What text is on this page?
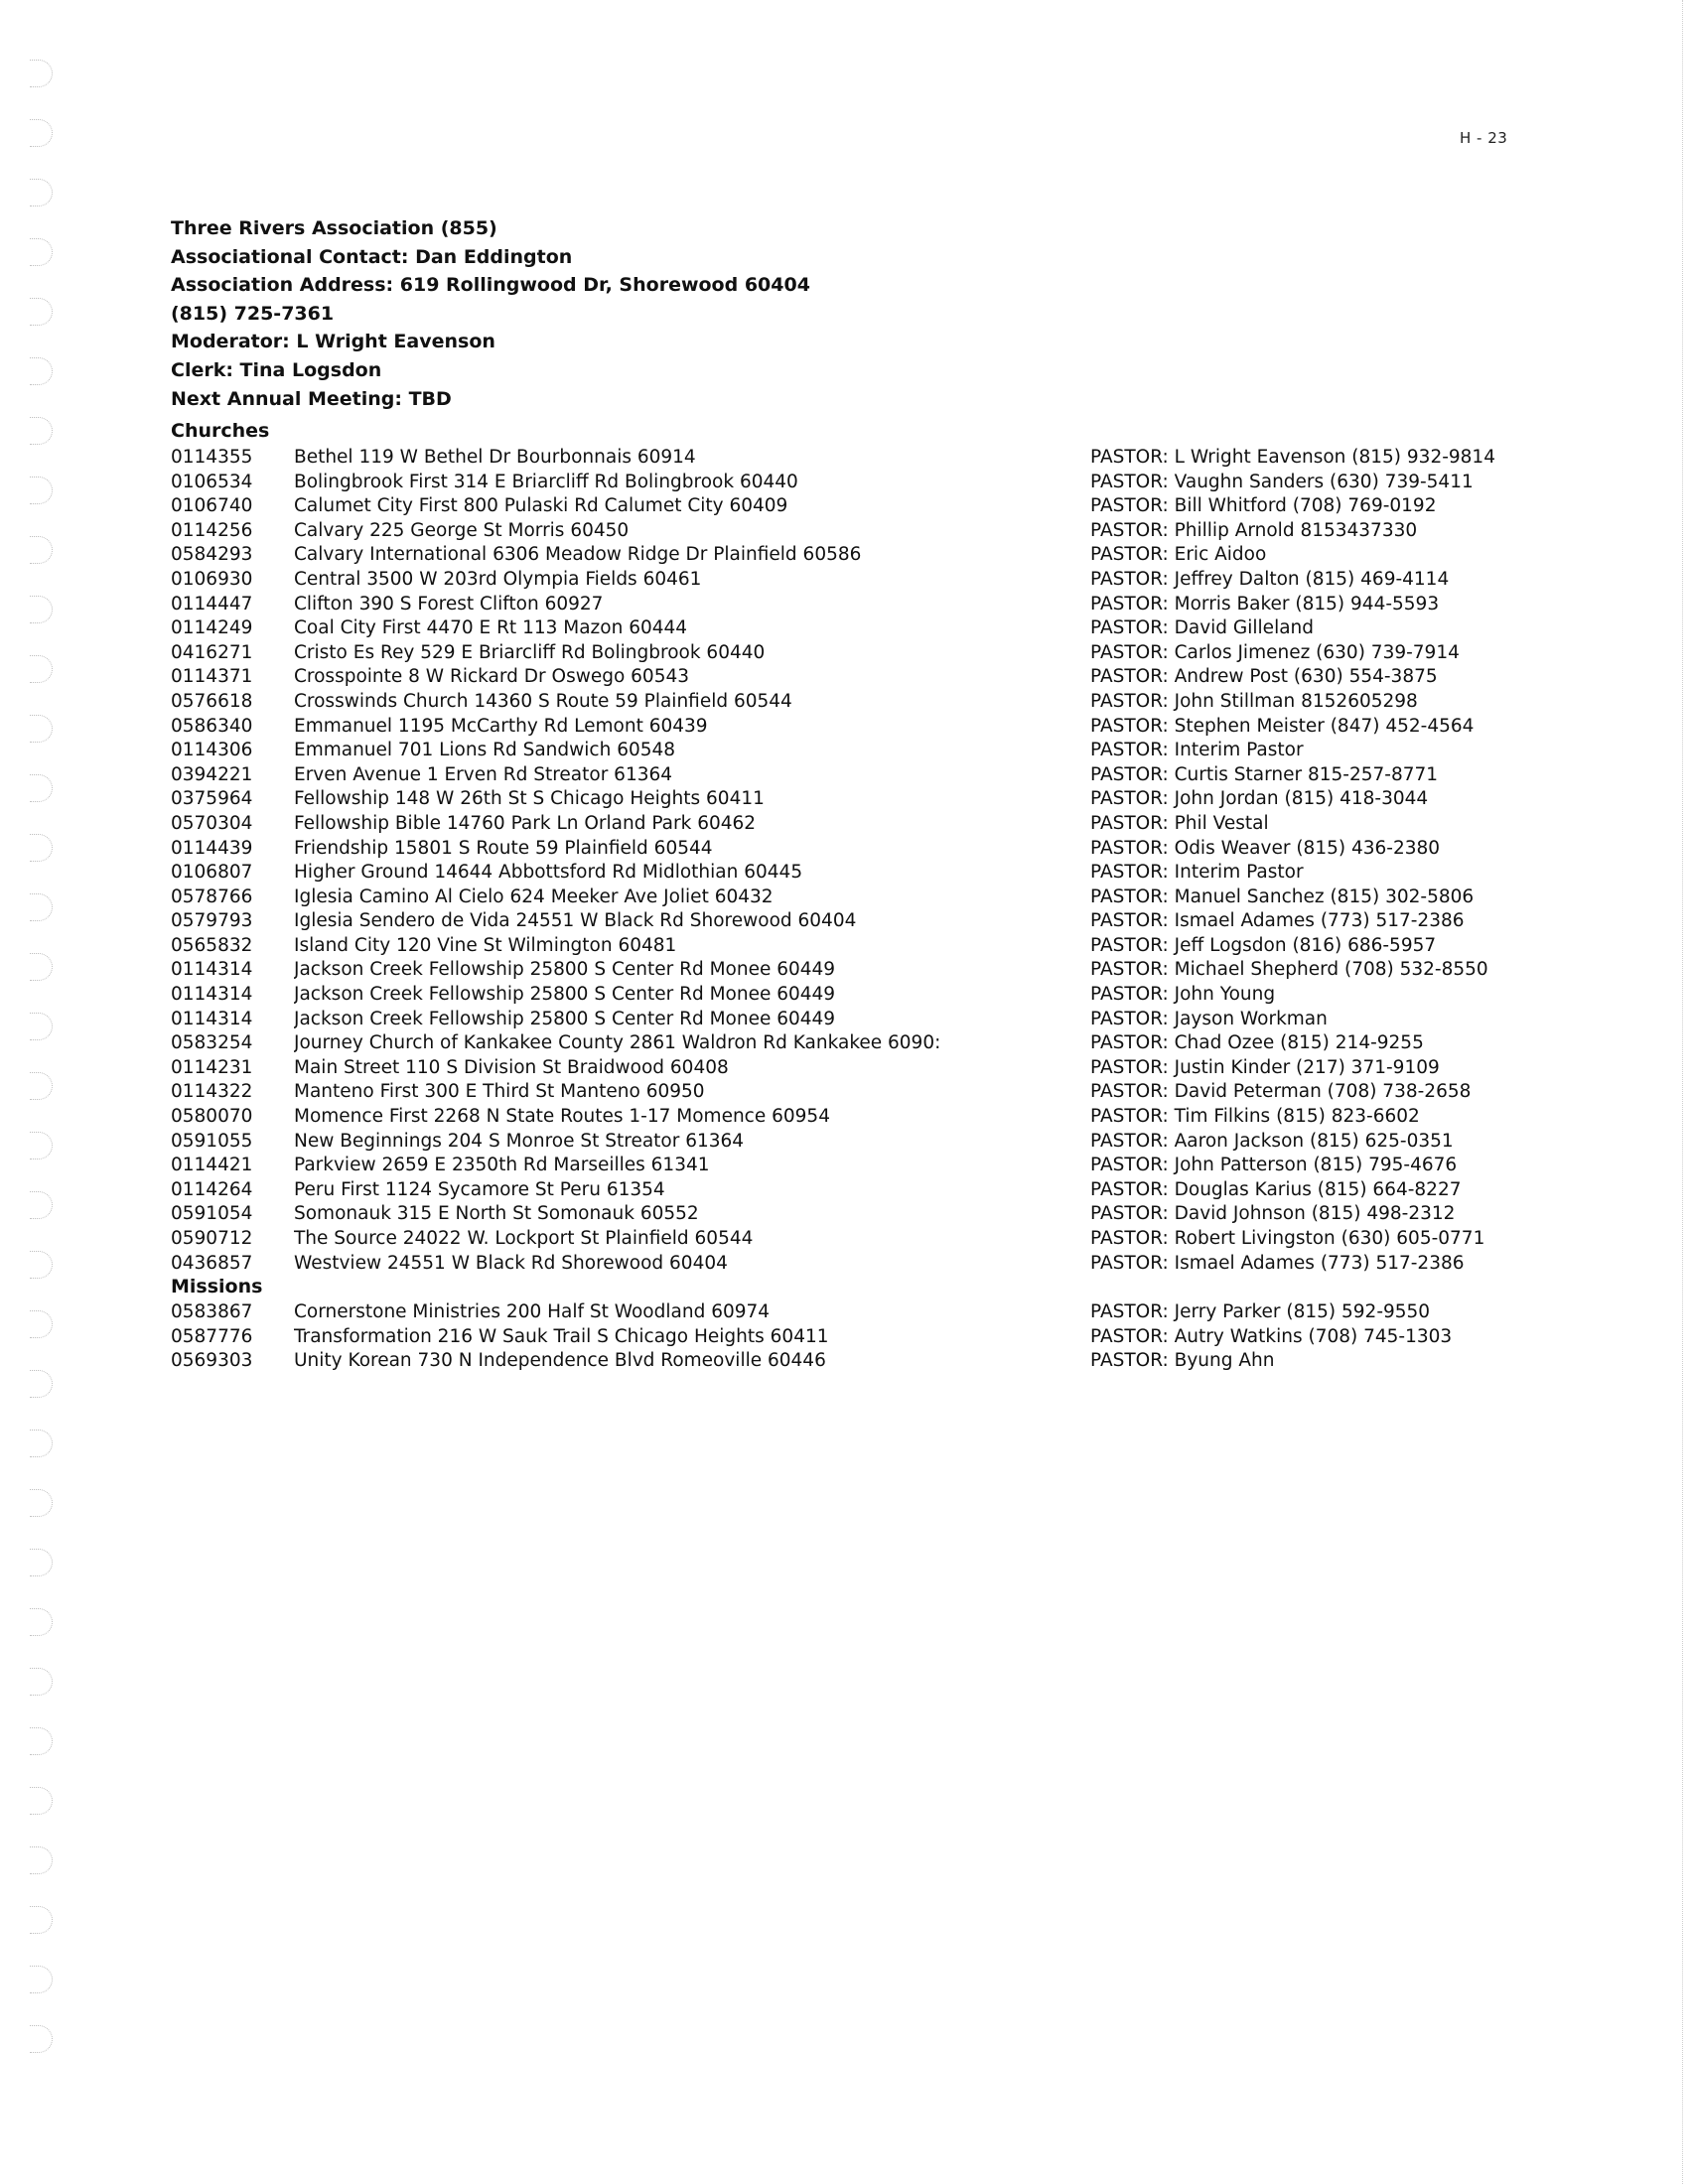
H - 23
Three Rivers Association (855)
Associational Contact: Dan Eddington
Association Address: 619 Rollingwood Dr, Shorewood 60404
(815) 725-7361
Moderator: L Wright Eavenson
Clerk: Tina Logsdon
Next Annual Meeting: TBD
Churches
0114355 Bethel 119 W Bethel Dr Bourbonnais 60914	PASTOR: L Wright Eavenson (815) 932-9814
0106534 Bolingbrook First 314 E Briarcliff Rd Bolingbrook 60440	PASTOR: Vaughn Sanders (630) 739-5411
0106740 Calumet City First 800 Pulaski Rd Calumet City 60409	PASTOR: Bill Whitford (708) 769-0192
0114256 Calvary 225 George St Morris 60450	PASTOR: Phillip Arnold 8153437330
0584293 Calvary International 6306 Meadow Ridge Dr Plainfield 60586	PASTOR: Eric Aidoo
0106930 Central 3500 W 203rd Olympia Fields 60461	PASTOR: Jeffrey Dalton (815) 469-4114
0114447 Clifton 390 S Forest Clifton 60927	PASTOR: Morris Baker (815) 944-5593
0114249 Coal City First 4470 E Rt 113 Mazon 60444	PASTOR: David Gilleland
0416271 Cristo Es Rey 529 E Briarcliff Rd Bolingbrook 60440	PASTOR: Carlos Jimenez (630) 739-7914
0114371 Crosspointe 8 W Rickard Dr Oswego 60543	PASTOR: Andrew Post (630) 554-3875
0576618 Crosswinds Church 14360 S Route 59 Plainfield 60544	PASTOR: John Stillman 8152605298
0586340 Emmanuel 1195 McCarthy Rd Lemont 60439	PASTOR: Stephen Meister (847) 452-4564
0114306 Emmanuel 701 Lions Rd Sandwich 60548	PASTOR: Interim Pastor
0394221 Erven Avenue 1 Erven Rd Streator 61364	PASTOR: Curtis Starner 815-257-8771
0375964 Fellowship 148 W 26th St S Chicago Heights 60411	PASTOR: John Jordan (815) 418-3044
0570304 Fellowship Bible 14760 Park Ln Orland Park 60462	PASTOR: Phil Vestal
0114439 Friendship 15801 S Route 59 Plainfield 60544	PASTOR: Odis Weaver (815) 436-2380
0106807 Higher Ground 14644 Abbottsford Rd Midlothian 60445	PASTOR: Interim Pastor
0578766 Iglesia Camino Al Cielo 624 Meeker Ave Joliet 60432	PASTOR: Manuel Sanchez (815) 302-5806
0579793 Iglesia Sendero de Vida 24551 W Black Rd Shorewood 60404	PASTOR: Ismael Adames (773) 517-2386
0565832 Island City 120 Vine St Wilmington 60481	PASTOR: Jeff Logsdon (816) 686-5957
0114314 Jackson Creek Fellowship 25800 S Center Rd Monee 60449	PASTOR: Michael Shepherd (708) 532-8550
0114314 Jackson Creek Fellowship 25800 S Center Rd Monee 60449	PASTOR: John Young
0114314 Jackson Creek Fellowship 25800 S Center Rd Monee 60449	PASTOR: Jayson Workman
0583254 Journey Church of Kankakee County 2861 Waldron Rd Kankakee 6090:	PASTOR: Chad Ozee (815) 214-9255
0114231 Main Street 110 S Division St Braidwood 60408	PASTOR: Justin Kinder (217) 371-9109
0114322 Manteno First 300 E Third St Manteno 60950	PASTOR: David Peterman (708) 738-2658
0580070 Momence First 2268 N State Routes 1-17 Momence 60954	PASTOR: Tim Filkins (815) 823-6602
0591055 New Beginnings 204 S Monroe St Streator 61364	PASTOR: Aaron Jackson (815) 625-0351
0114421 Parkview 2659 E 2350th Rd Marseilles 61341	PASTOR: John Patterson (815) 795-4676
0114264 Peru First 1124 Sycamore St Peru 61354	PASTOR: Douglas Karius (815) 664-8227
0591054 Somonauk 315 E North St Somonauk 60552	PASTOR: David Johnson (815) 498-2312
0590712 The Source 24022 W. Lockport St Plainfield 60544	PASTOR: Robert Livingston (630) 605-0771
0436857 Westview 24551 W Black Rd Shorewood 60404	PASTOR: Ismael Adames (773) 517-2386
Missions
0583867 Cornerstone Ministries 200 Half St Woodland 60974	PASTOR: Jerry Parker (815) 592-9550
0587776 Transformation 216 W Sauk Trail S Chicago Heights 60411	PASTOR: Autry Watkins (708) 745-1303
0569303 Unity Korean 730 N Independence Blvd Romeoville 60446	PASTOR: Byung Ahn
